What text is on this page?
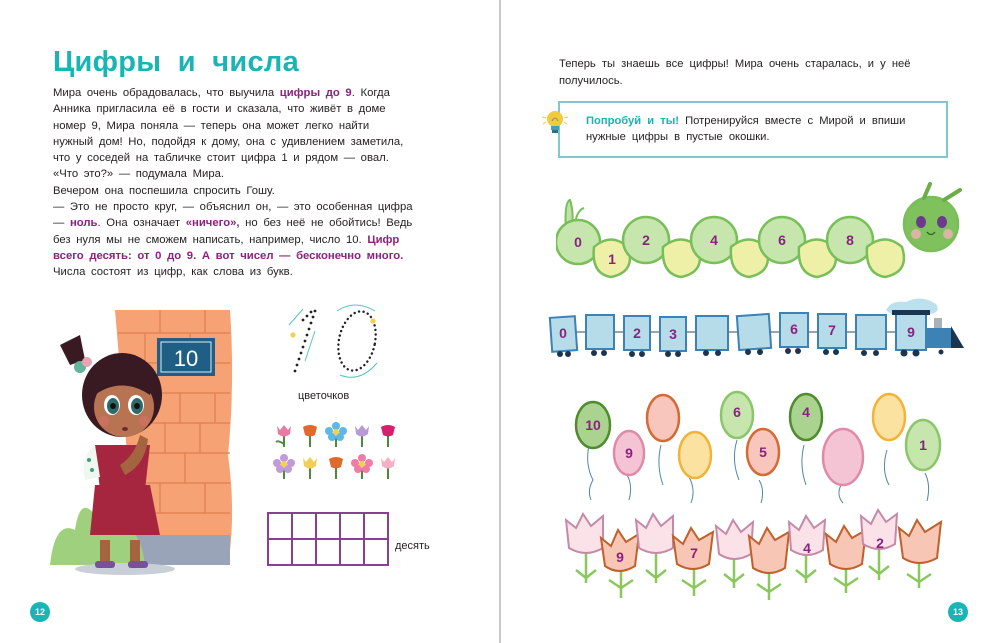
Цифры и числа

Мира очень обрадовалась, что выучила цифры до 9. Когда Анника пригласила её в гости и сказала, что живёт в доме номер 9, Мира поняла — теперь она может легко найти нужный дом! Но, подойдя к дому, она с удивлением заметила, что у соседей на табличке стоит цифра 1 и рядом — овал.

«Что это?» — подумала Мира.

Вечером она поспешила спросить Гошу.

— Это не просто круг, — объяснил он, — это особенная цифра — ноль. Она означает «ничего», но без неё не обойтись! Ведь без нуля мы не сможем написать, например, число 10. Цифр всего десять: от 0 до 9. А вот чисел — бесконечно много. Числа состоят из цифр, как слова из букв.

10
цветочков
десять
12

Теперь ты знаешь все цифры! Мира очень старалась, и у неё получилось.

Попробуй и ты! Потренируйся вместе с Мирой и впиши нужные цифры в пустые окошки.

0
1
2	4	6	8
0	2 3	6 7	9
10
9
6
5
4
1
9	7	4	2
13
